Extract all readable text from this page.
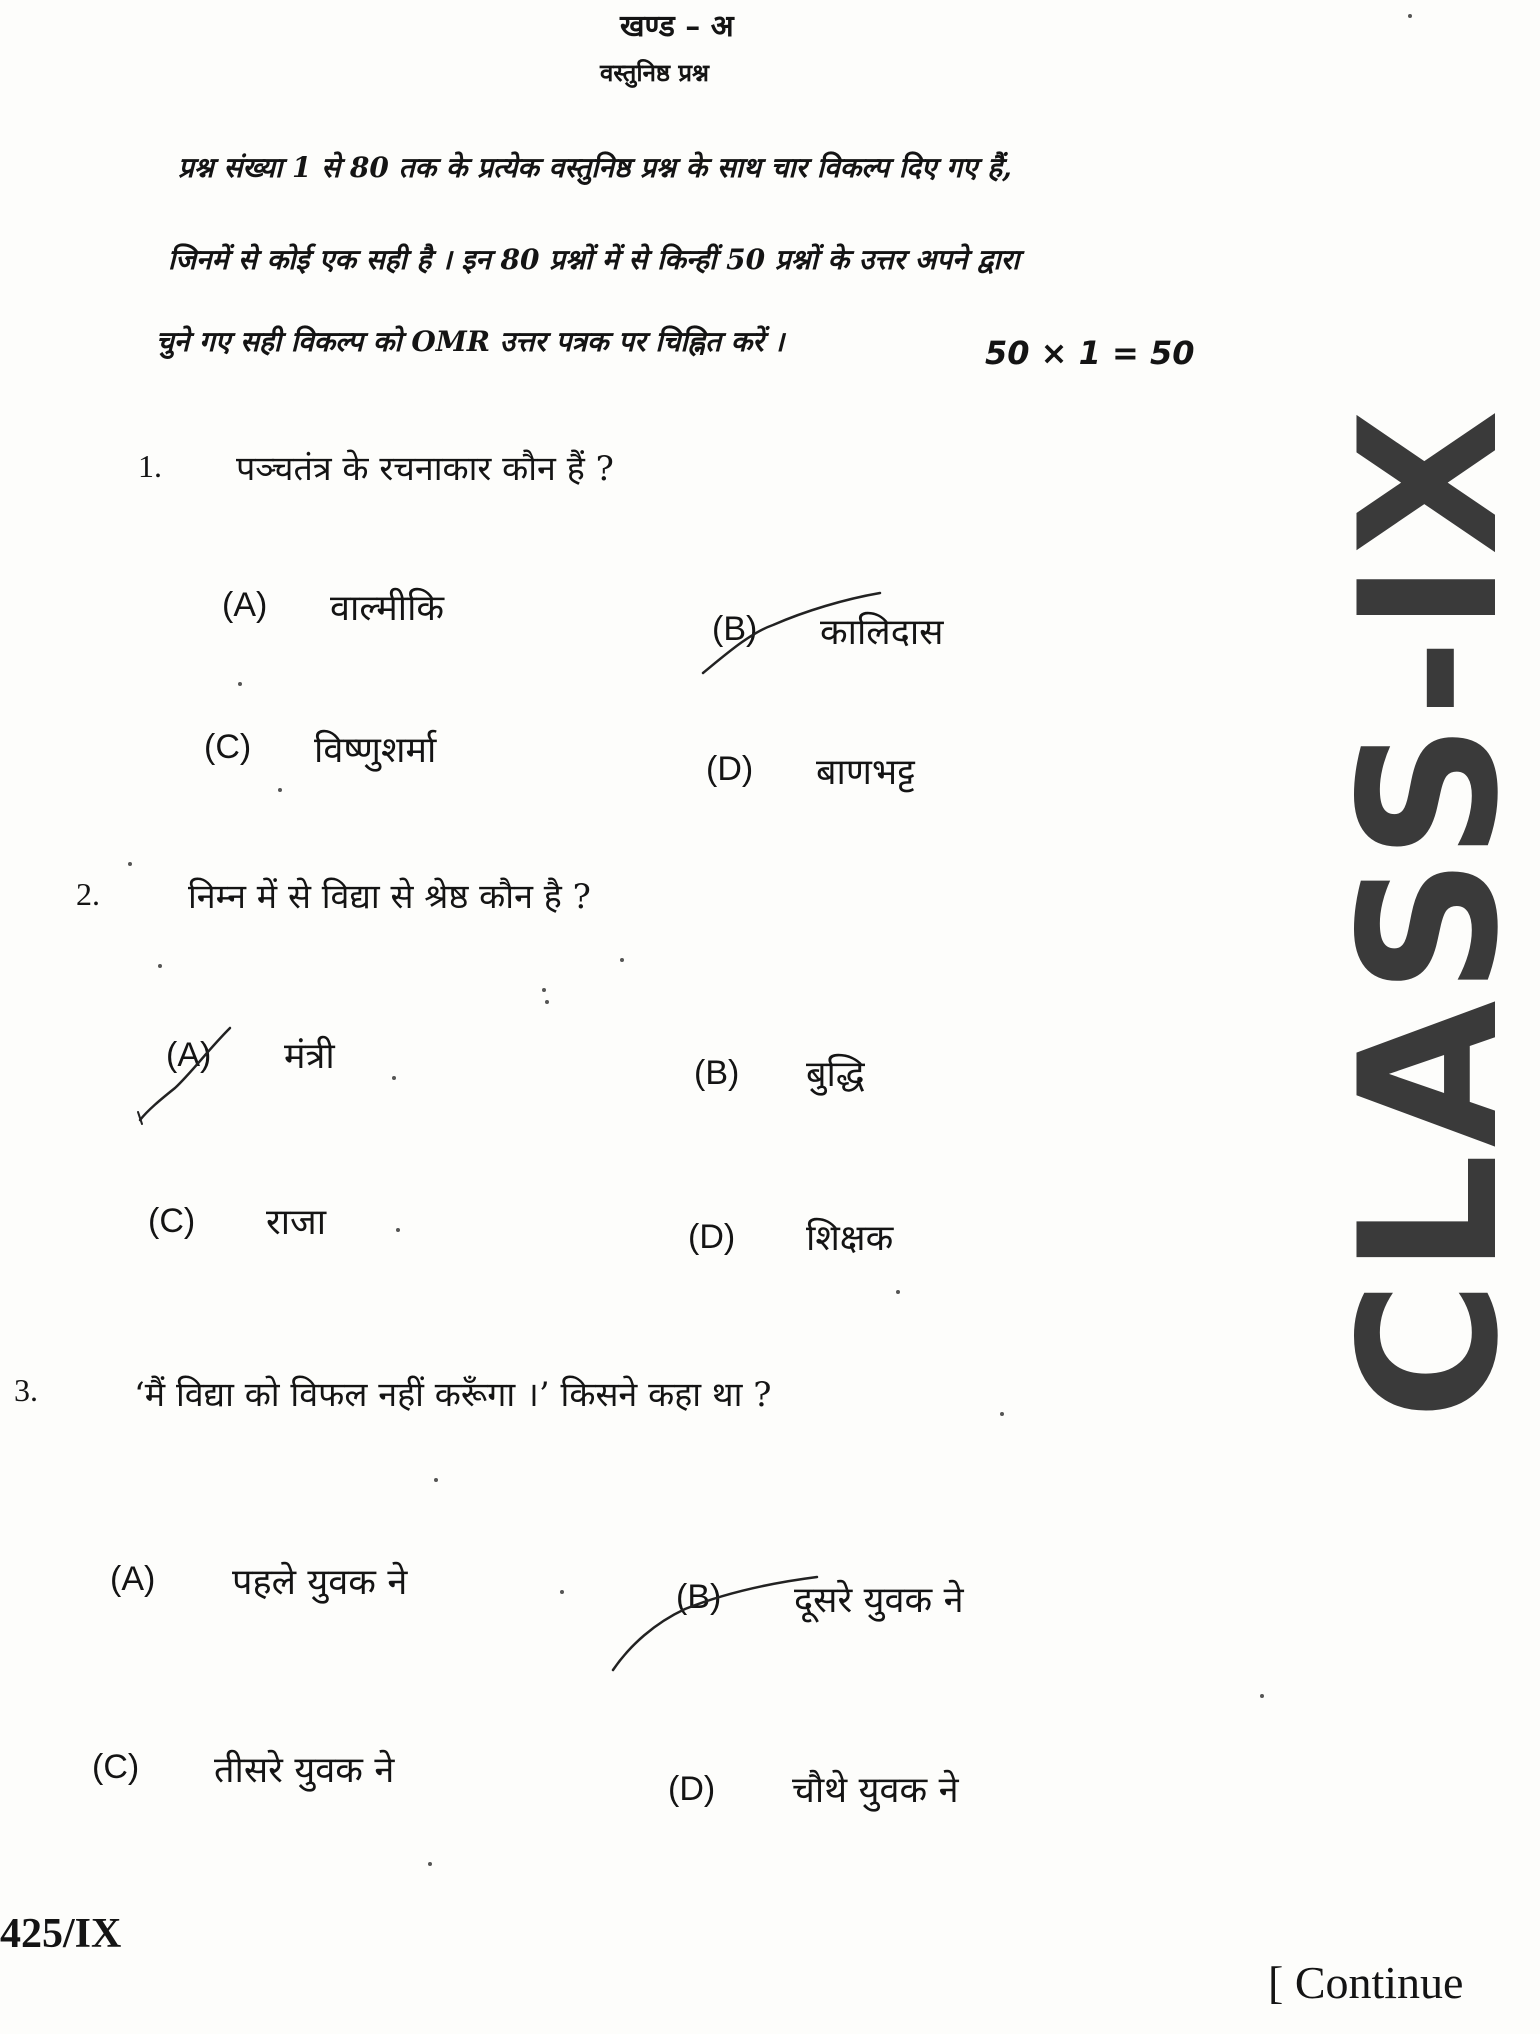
खण्ड – अ
वस्तुनिष्ठ प्रश्न
प्रश्न संख्या 1 से 80 तक के प्रत्येक वस्तुनिष्ठ प्रश्न के साथ चार विकल्प दिए गए हैं,
जिनमें से कोई एक सही है । इन 80 प्रश्नों में से किन्हीं 50 प्रश्नों के उत्तर अपने द्वारा
चुने गए सही विकल्प को OMR उत्तर पत्रक पर चिह्नित करें ।	50 × 1 = 50
1. पञ्चतंत्र के रचनाकार कौन हैं ?
(A) वाल्मीकि	(B) कालिदास
(C) विष्णुशर्मा	(D) बाणभट्ट
2.	निम्न में से विद्या से श्रेष्ठ कौन है ?
(A) मंत्री	(B) बुद्धि
(C) राजा	(D) शिक्षक
3.	‘मैं विद्या को विफल नहीं करूँगा ।’ किसने कहा था ?
(A) पहले युवक ने	(B) दूसरे युवक ने
(C) तीसरे युवक ने	(D) चौथे युवक ने
CLASS-IX
425/IX
[ Continue
